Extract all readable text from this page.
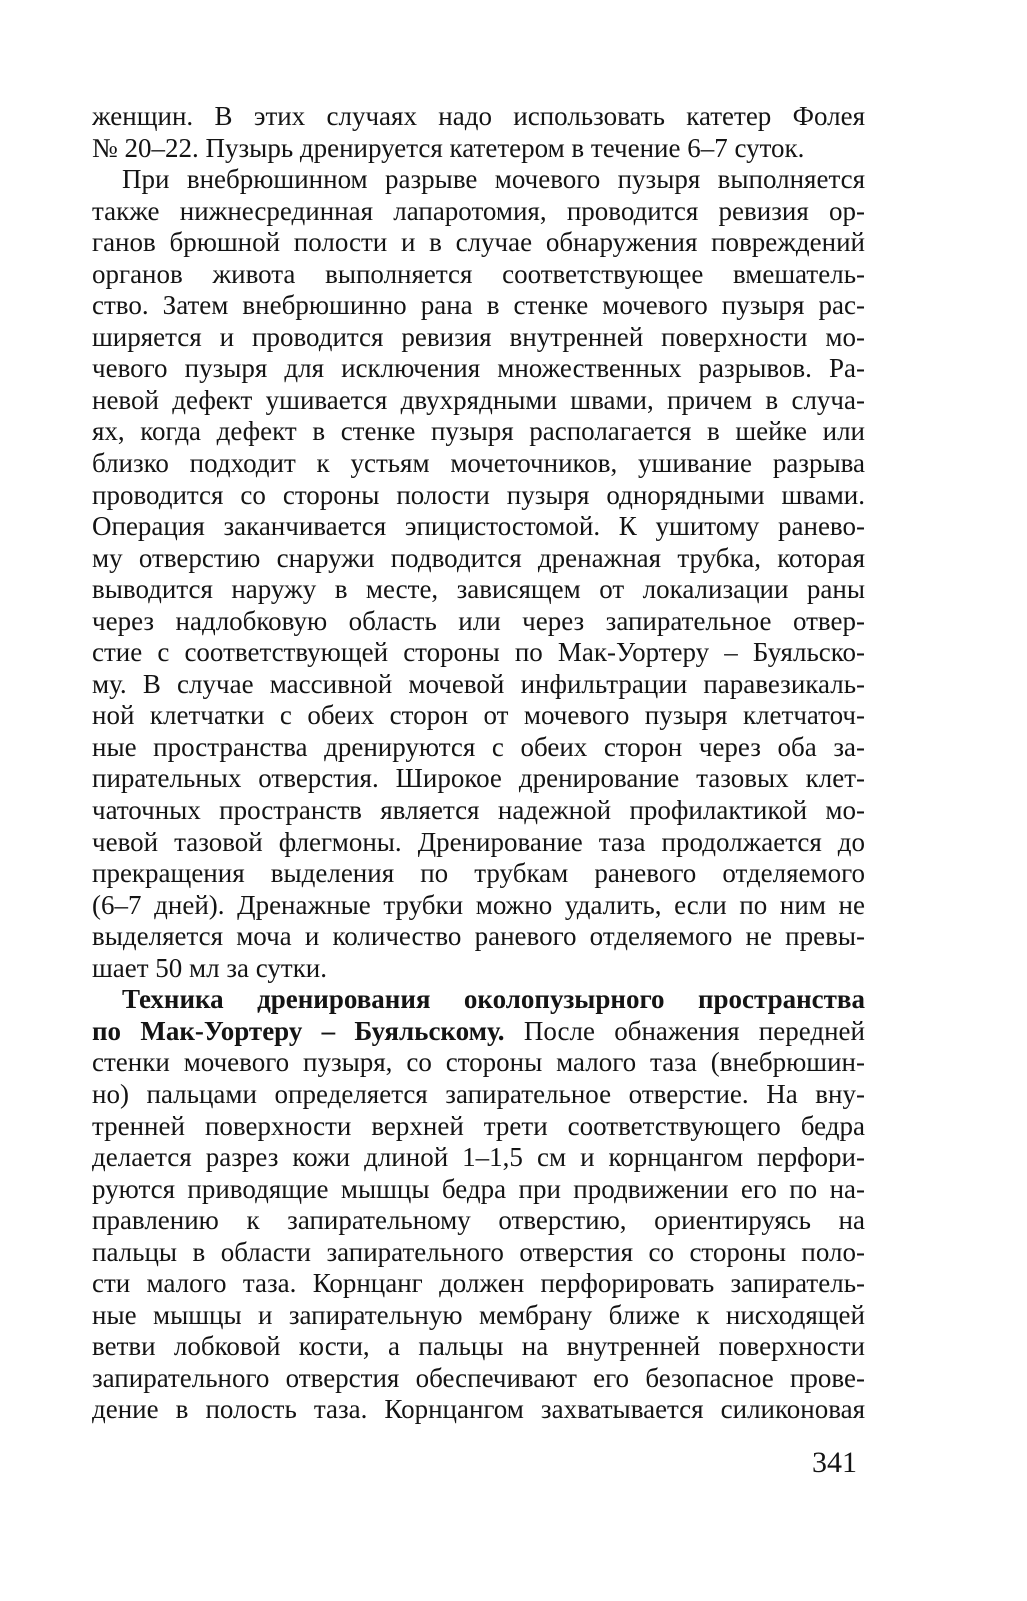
женщин. В этих случаях надо использовать катетер Фолея
№ 20–22. Пузырь дренируется катетером в течение 6–7 суток.
При внебрюшинном разрыве мочевого пузыря выполняется
также нижнесрединная лапаротомия, проводится ревизия ор-
ганов брюшной полости и в случае обнаружения повреждений
органов живота выполняется соответствующее вмешатель-
ство. Затем внебрюшинно рана в стенке мочевого пузыря рас-
ширяется и проводится ревизия внутренней поверхности мо-
чевого пузыря для исключения множественных разрывов. Ра-
невой дефект ушивается двухрядными швами, причем в случа-
ях, когда дефект в стенке пузыря располагается в шейке или
близко подходит к устьям мочеточников, ушивание разрыва
проводится со стороны полости пузыря однорядными швами.
Операция заканчивается эпицистостомой. К ушитому ранево-
му отверстию снаружи подводится дренажная трубка, которая
выводится наружу в месте, зависящем от локализации раны
через надлобковую область или через запирательное отвер-
стие с соответствующей стороны по Мак-Уортеру – Буяльско-
му. В случае массивной мочевой инфильтрации паравезикаль-
ной клетчатки с обеих сторон от мочевого пузыря клетчаточ-
ные пространства дренируются с обеих сторон через оба за-
пирательных отверстия. Широкое дренирование тазовых клет-
чаточных пространств является надежной профилактикой мо-
чевой тазовой флегмоны. Дренирование таза продолжается до
прекращения выделения по трубкам раневого отделяемого
(6–7 дней). Дренажные трубки можно удалить, если по ним не
выделяется моча и количество раневого отделяемого не превы-
шает 50 мл за сутки.
Техника дренирования околопузырного пространства
по Мак-Уортеру – Буяльскому. После обнажения передней
стенки мочевого пузыря, со стороны малого таза (внебрюшин-
но) пальцами определяется запирательное отверстие. На вну-
тренней поверхности верхней трети соответствующего бедра
делается разрез кожи длиной 1–1,5 см и корнцангом перфори-
руются приводящие мышцы бедра при продвижении его по на-
правлению к запирательному отверстию, ориентируясь на
пальцы в области запирательного отверстия со стороны поло-
сти малого таза. Корнцанг должен перфорировать запиратель-
ные мышцы и запирательную мембрану ближе к нисходящей
ветви лобковой кости, а пальцы на внутренней поверхности
запирательного отверстия обеспечивают его безопасное прове-
дение в полость таза. Корнцангом захватывается силиконовая
341
